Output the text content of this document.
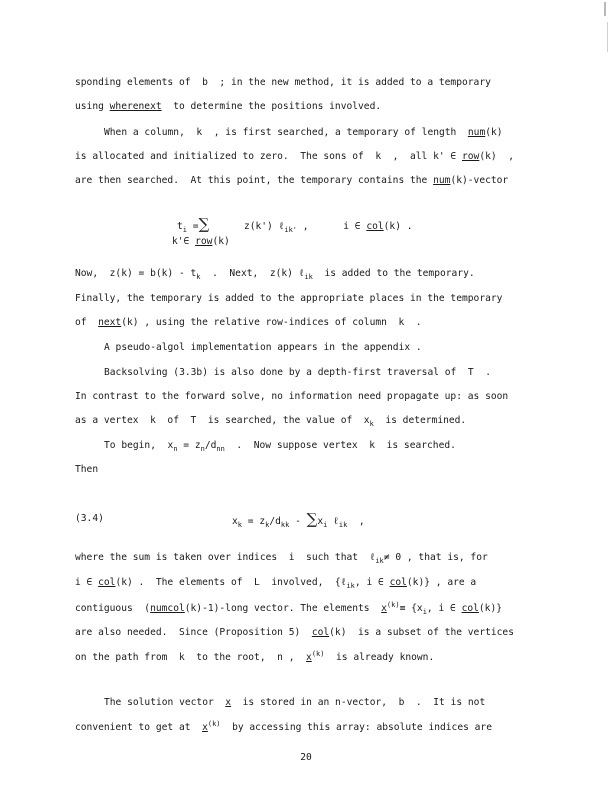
sponding elements of  b  ; in the new method, it is added to a temporary
using wherenext  to determine the positions involved.
When a column,  k  , is first searched, a temporary of length  num(k)
is allocated and initialized to zero.  The sons of  k  ,  all k' ∈ row(k)  ,
are then searched.  At this point, the temporary contains the num(k)-vector
$t_i$ =∑	z(k') ℓ$_{ik'}$ ,      i ∈ col(k) .
k'∈ row(k)
Now,  $z(k) = b(k) - t_k$  .  Next,  z(k) ℓ$_{ik}$  is added to the temporary.
Finally, the temporary is added to the appropriate places in the temporary
of  next(k) , using the relative row-indices of column  k  .
A pseudo-algol implementation appears in the appendix .
Backsolving (3.3b) is also done by a depth-first traversal of  T  .
In contrast to the forward solve, no information need propagate up: as soon
as a vertex  k  of  T  is searched, the value of  $x_k$  is determined.
To begin,  $x_n = z_n/d_{nn}$  .  Now suppose vertex  k  is searched.
Then
(3.4)	$x_k = z_k/d_{kk} - \sum x_i$ ℓ$_{ik}$  ,
where the sum is taken over indices  i  such that  ℓ$_{ik}$≠ 0 , that is, for
i ∈ col(k) .  The elements of  L  involved,  {ℓ$_{ik}$, i ∈ col(k)} , are a
contiguous  (numcol(k)-1)-long vector. The elements  $x^{(k)}\equiv \{x_i$, i ∈ col(k)}
are also needed.  Since (Proposition 5)  col(k)  is a subset of the vertices
on the path from  k  to the root,  n ,  $x^{(k)}$  is already known.
The solution vector  x  is stored in an n-vector,  b  .  It is not
convenient to get at  $x^{(k)}$  by accessing this array: absolute indices are
20
